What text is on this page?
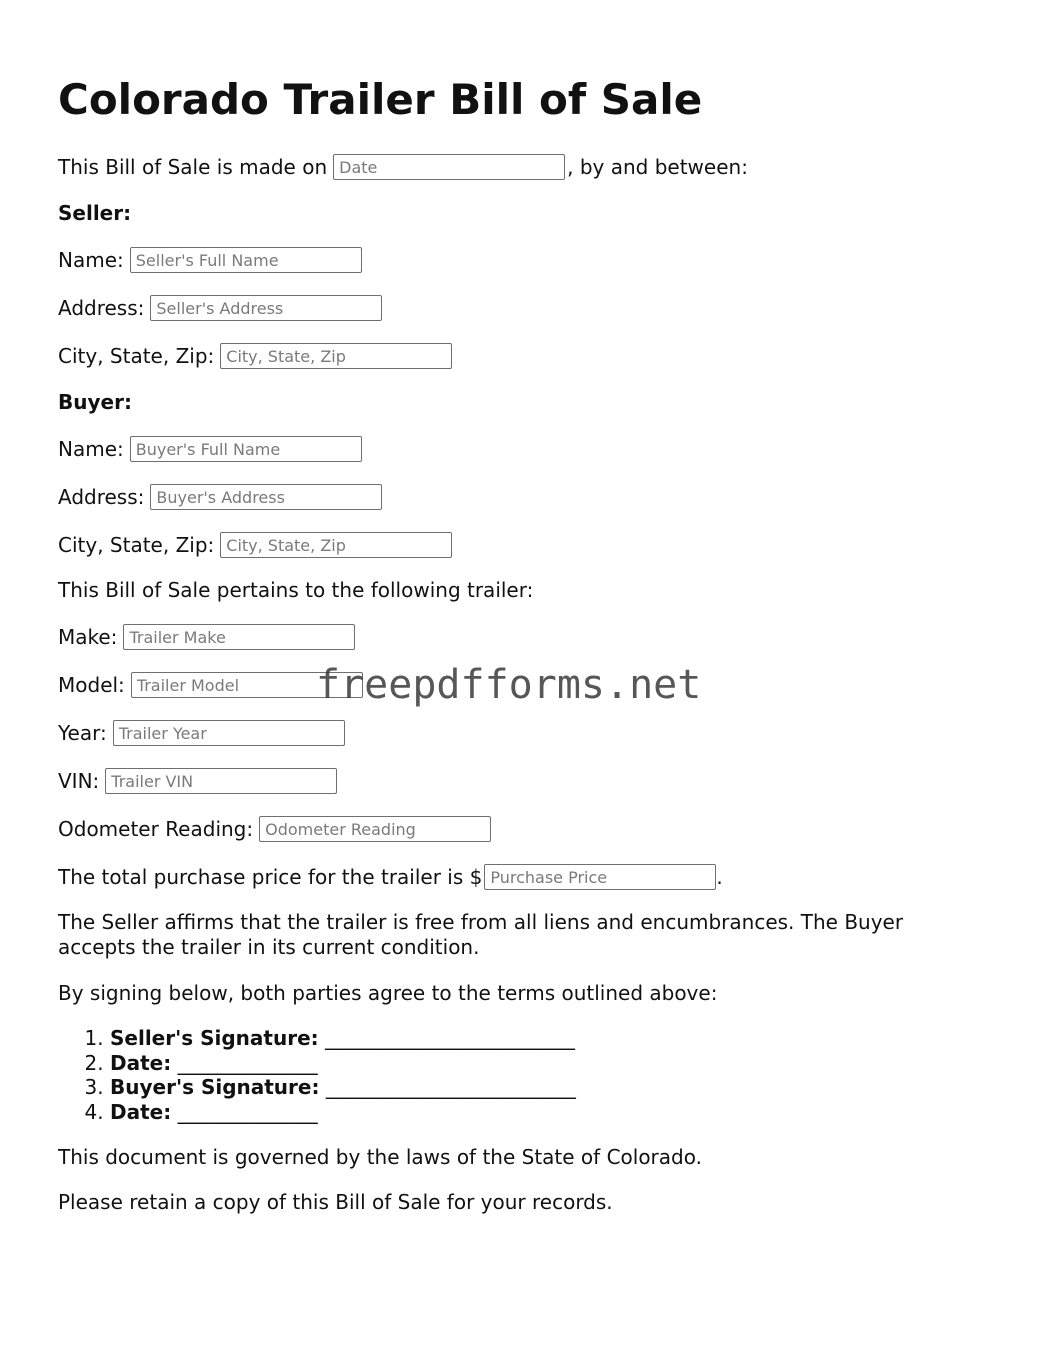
Colorado Trailer Bill of Sale
This Bill of Sale is made on
Date	, by and between:
Seller:
Name:
Seller's Full Name
Address:
Seller's Address
City, State, Zip:
City, State, Zip
Buyer:
Name:
Buyer's Full Name
Address:
Buyer's Address
City, State, Zip:
City, State, Zip
This Bill of Sale pertains to the following trailer:
Make:
Trailer Make
Model:
Trailer Model
Year:
Trailer Year
VIN:
Trailer VIN
Odometer Reading:
Odometer Reading
The total purchase price for the trailer is $
Purchase Price	.

The Seller affirms that the trailer is free from all liens and encumbrances. The Buyer accepts the trailer in its current condition.

By signing below, both parties agree to the terms outlined above:

1. Seller's Signature: _________________________
2. Date: ______________
3. Buyer's Signature: _________________________
4. Date: ______________

This document is governed by the laws of the State of Colorado.

Please retain a copy of this Bill of Sale for your records.

freepdfforms.net
